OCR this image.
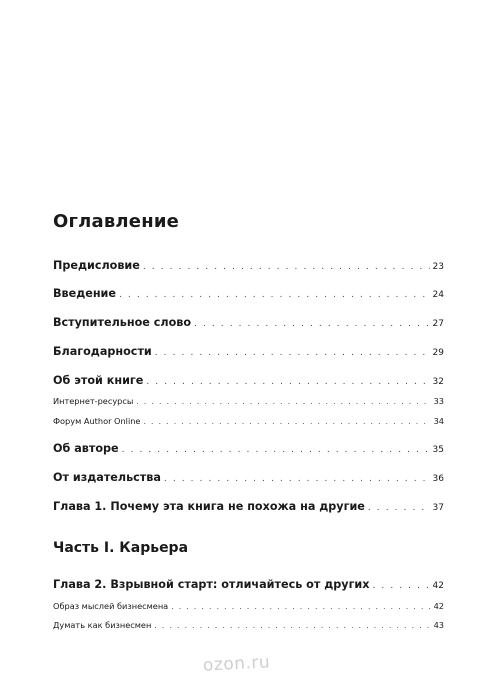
Оглавление
Предисловие . . .	23
Введение . . .	24
Вступительное слово . . .	27
Благодарности . . .	29
Об этой книге . . .	32
Интернет-ресурсы . . .	33
Форум Author Online . . .	34
Об авторе . . .	35
От издательства . . .	36
Глава 1. Почему эта книга не похожа на другие . . .	37
Часть I. Карьера
Глава 2. Взрывной старт: отличайтесь от других . . .	42
Образ мыслей бизнесмена . . .	42
Думать как бизнесмен . . .	43
ozon.ru
